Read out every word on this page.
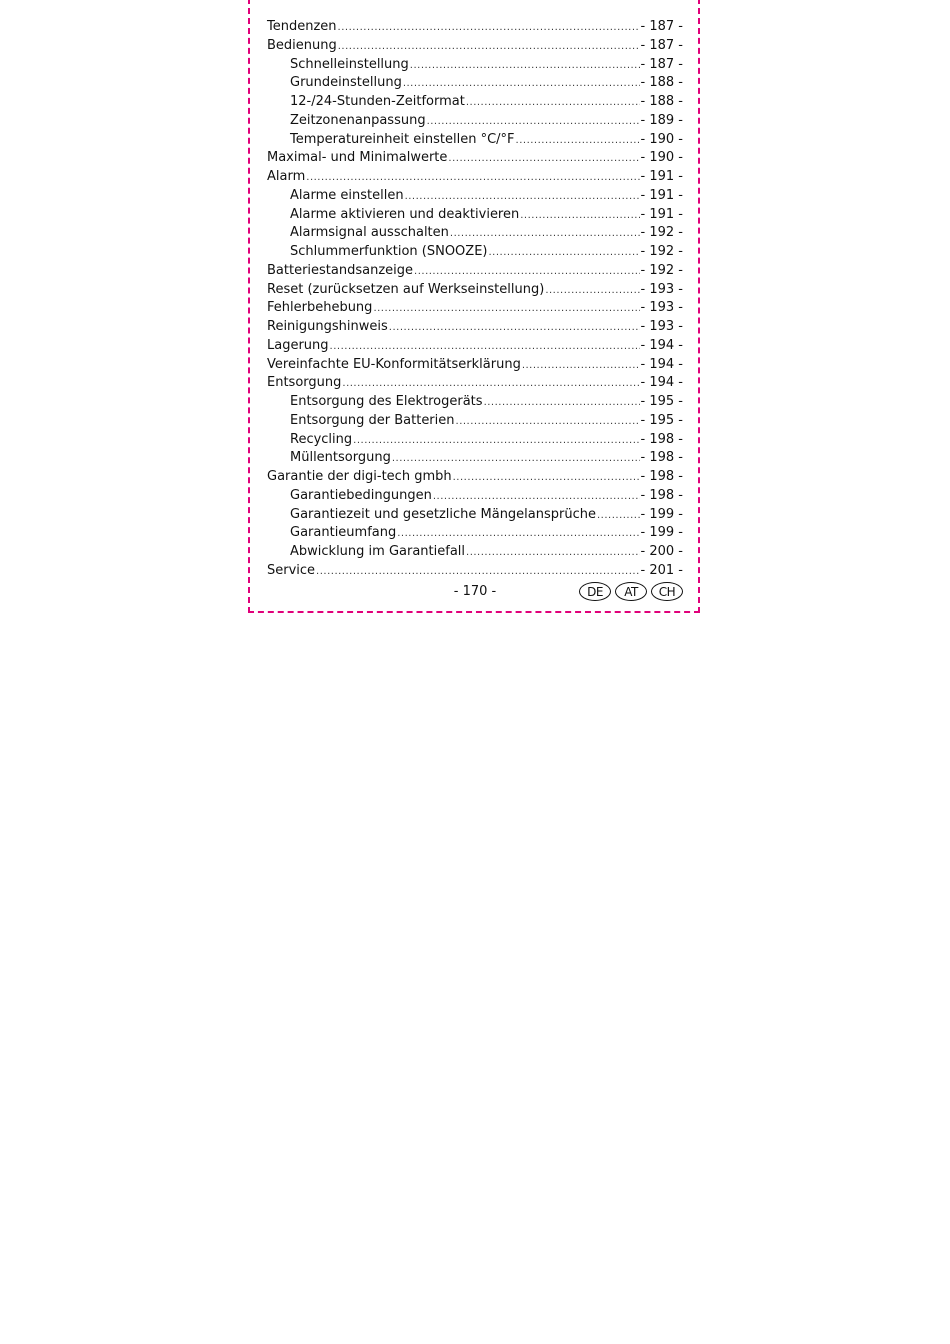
Tendenzen .....	- 187 -
Bedienung .....	- 187 -
Schnelleinstellung .....	- 187 -
Grundeinstellung .....	- 188 -
12-/24-Stunden-Zeitformat .....	- 188 -
Zeitzonenanpassung .....	- 189 -
Temperatureinheit einstellen °C/°F .....	- 190 -
Maximal- und Minimalwerte .....	- 190 -
Alarm .....	- 191 -
Alarme einstellen .....	- 191 -
Alarme aktivieren und deaktivieren .....	- 191 -
Alarmsignal ausschalten .....	- 192 -
Schlummerfunktion (SNOOZE) .....	- 192 -
Batteriestandsanzeige .....	- 192 -
Reset (zurücksetzen auf Werkseinstellung) .....	- 193 -
Fehlerbehebung .....	- 193 -
Reinigungshinweis .....	- 193 -
Lagerung .....	- 194 -
Vereinfachte EU-Konformitätserklärung .....	- 194 -
Entsorgung .....	- 194 -
Entsorgung des Elektrogeräts .....	- 195 -
Entsorgung der Batterien .....	- 195 -
Recycling .....	- 198 -
Müllentsorgung .....	- 198 -
Garantie der digi-tech gmbh .....	- 198 -
Garantiebedingungen .....	- 198 -
Garantiezeit und gesetzliche Mängelansprüche .....	- 199 -
Garantieumfang .....	- 199 -
Abwicklung im Garantiefall .....	- 200 -
Service .....	- 201 -
- 170 -	DE	AT	CH
